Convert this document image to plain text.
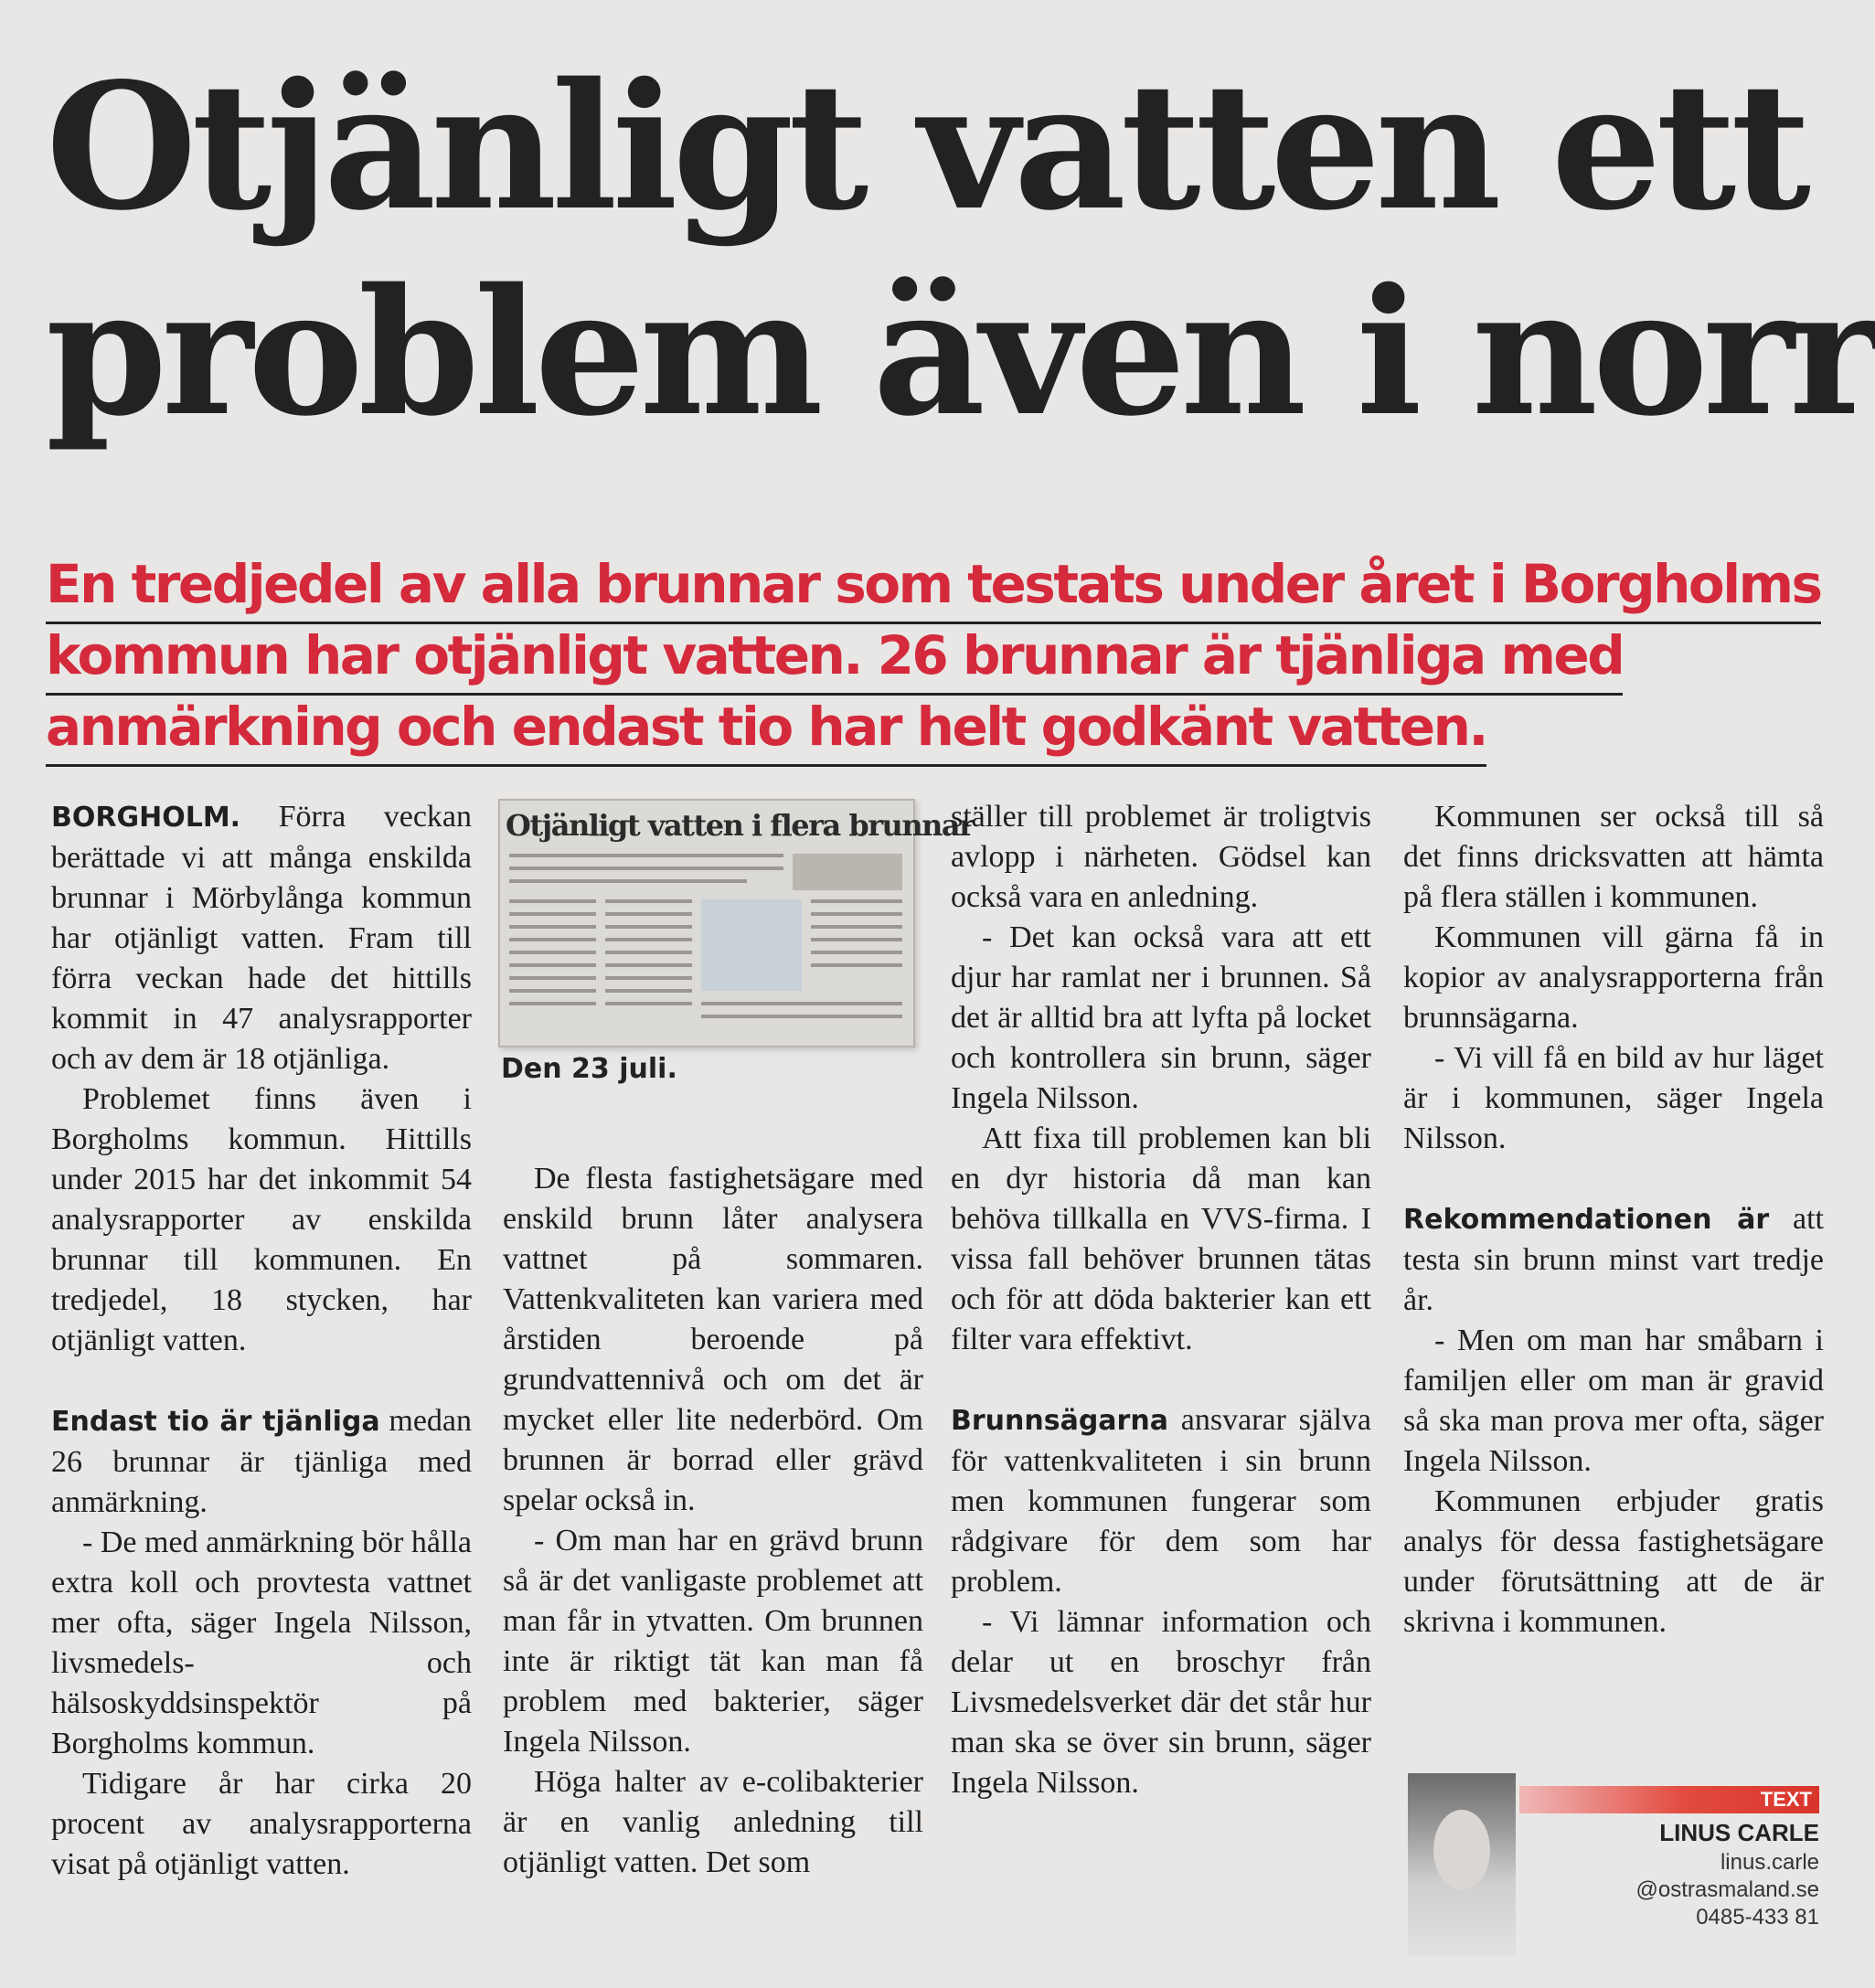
Otjänligt vatten ett
problem även i norr
En tredjedel av alla brunnar som testats under året i Borgholms
kommun har otjänligt vatten. 26 brunnar är tjänliga med
anmärkning och endast tio har helt godkänt vatten.

BORGHOLM. Förra veckan berättade vi att många enskilda brunnar i Mörbylånga kommun har otjänligt vatten. Fram till förra veckan hade det hittills kommit in 47 analysrapporter och av dem är 18 otjänliga.

Problemet finns även i Borgholms kommun. Hittills under 2015 har det inkommit 54 analysrapporter av enskilda brunnar till kommunen. En tredjedel, 18 stycken, har otjänligt vatten.

Endast tio är tjänliga medan 26 brunnar är tjänliga med anmärkning.

- De med anmärkning bör hålla extra koll och provtesta vattnet mer ofta, säger Ingela Nilsson, livsmedels- och hälsoskyddsinspektör på Borgholms kommun.

Tidigare år har cirka 20 procent av analysrapporterna visat på otjänligt vatten.

Otjänligt vatten i flera brunnar
Den 23 juli.

De flesta fastighetsägare med enskild brunn låter analysera vattnet på sommaren. Vattenkvaliteten kan variera med årstiden beroende på grundvattennivå och om det är mycket eller lite nederbörd. Om brunnen är borrad eller grävd spelar också in.

- Om man har en grävd brunn så är det vanligaste problemet att man får in ytvatten. Om brunnen inte är riktigt tät kan man få problem med bakterier, säger Ingela Nilsson.

Höga halter av e-colibakterier är en vanlig anledning till otjänligt vatten. Det som

ställer till problemet är troligtvis avlopp i närheten. Gödsel kan också vara en anledning.

- Det kan också vara att ett djur har ramlat ner i brunnen. Så det är alltid bra att lyfta på locket och kontrollera sin brunn, säger Ingela Nilsson.

Att fixa till problemen kan bli en dyr historia då man kan behöva tillkalla en VVS-firma. I vissa fall behöver brunnen tätas och för att döda bakterier kan ett filter vara effektivt.

Brunnsägarna ansvarar själva för vattenkvaliteten i sin brunn men kommunen fungerar som rådgivare för dem som har problem.

- Vi lämnar information och delar ut en broschyr från Livsmedelsverket där det står hur man ska se över sin brunn, säger Ingela Nilsson.

Kommunen ser också till så det finns dricksvatten att hämta på flera ställen i kommunen.

Kommunen vill gärna få in kopior av analysrapporterna från brunnsägarna.

- Vi vill få en bild av hur läget är i kommunen, säger Ingela Nilsson.

Rekommendationen är att testa sin brunn minst vart tredje år.

- Men om man har småbarn i familjen eller om man är gravid så ska man prova mer ofta, säger Ingela Nilsson.

Kommunen erbjuder gratis analys för dessa fastighetsägare under förutsättning att de är skrivna i kommunen.

TEXT
LINUS CARLE
linus.carle
@ostrasmaland.se
0485-433 81
